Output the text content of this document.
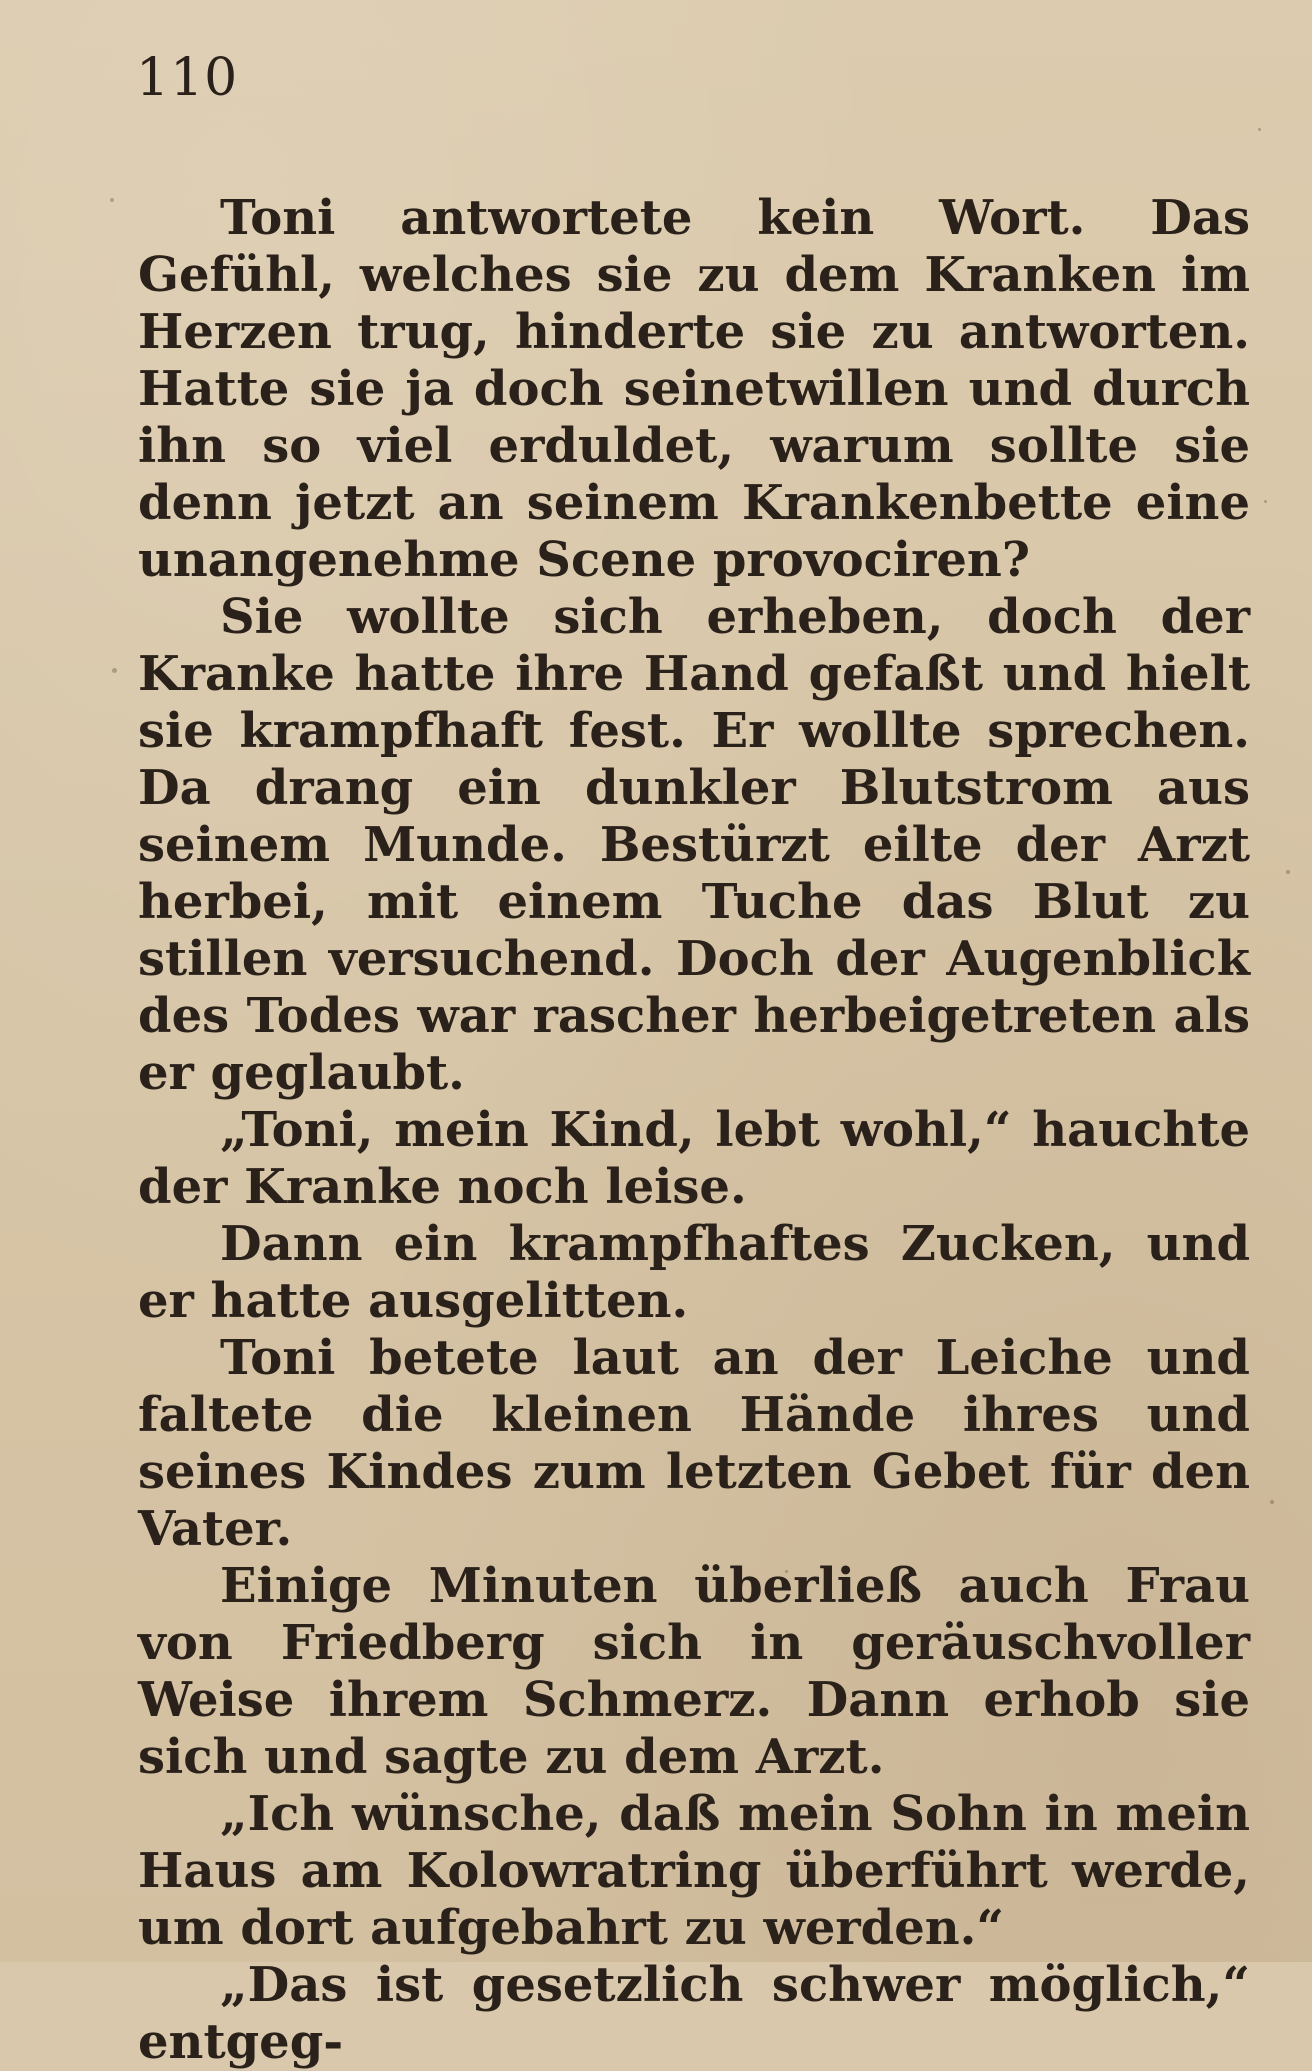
110

Toni antwortete kein Wort. Das Gefühl, welches sie zu dem Kranken im Herzen trug, hinderte sie zu antworten. Hatte sie ja doch seinetwillen und durch ihn so viel erduldet, warum sollte sie denn jetzt an seinem Krankenbette eine unangenehme Scene provociren?

Sie wollte sich erheben, doch der Kranke hatte ihre Hand gefaßt und hielt sie krampfhaft fest. Er wollte sprechen. Da drang ein dunkler Blutstrom aus seinem Munde. Bestürzt eilte der Arzt herbei, mit einem Tuche das Blut zu stillen versuchend. Doch der Augenblick des Todes war rascher herbeigetreten als er geglaubt.

„Toni, mein Kind, lebt wohl,“ hauchte der Kranke noch leise.

Dann ein krampfhaftes Zucken, und er hatte ausgelitten.

Toni betete laut an der Leiche und faltete die kleinen Hände ihres und seines Kindes zum letzten Gebet für den Vater.

Einige Minuten überließ auch Frau von Friedberg sich in geräuschvoller Weise ihrem Schmerz. Dann erhob sie sich und sagte zu dem Arzt.

„Ich wünsche, daß mein Sohn in mein Haus am Kolowratring überführt werde, um dort aufgebahrt zu werden.“

„Das ist gesetzlich schwer möglich,“ entgeg-
